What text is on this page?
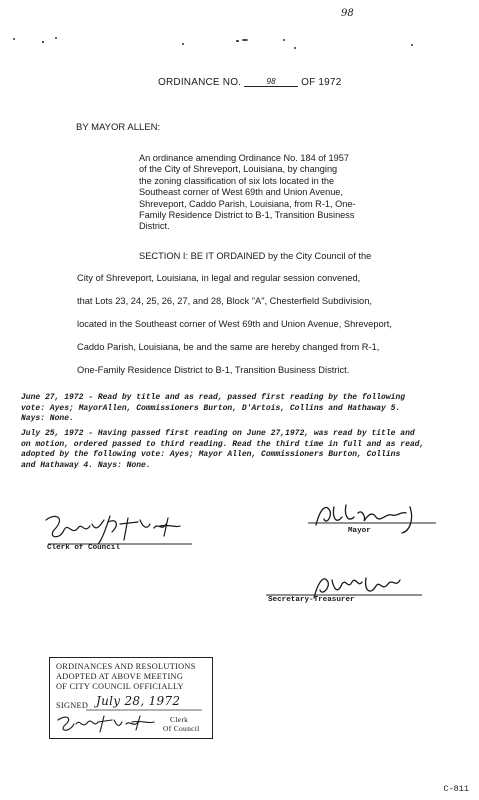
98
ORDINANCE NO.	98	OF 1972
BY MAYOR ALLEN:
An ordinance amending Ordinance No. 184 of 1957
of the City of Shreveport, Louisiana, by changing
the zoning classification of six lots located in the
Southeast corner of West 69th and Union Avenue,
Shreveport, Caddo Parish, Louisiana, from R-1, One-
Family Residence District to B-1, Transition Business
District.
SECTION I: BE IT ORDAINED by the City Council of the
City of Shreveport, Louisiana, in legal and regular session convened,
that Lots 23, 24, 25, 26, 27, and 28, Block "A", Chesterfield Subdivision,
located in the Southeast corner of West 69th and Union Avenue, Shreveport,
Caddo Parish, Louisiana, be and the same are hereby changed from R-1,
One-Family Residence District to B-1, Transition Business District.
June 27, 1972 - Read by title and as read, passed first reading by the following
vote: Ayes; MayorAllen, Commissioners Burton, D'Artois, Collins and Hathaway 5.
Nays: None.
July 25, 1972 - Having passed first reading on June 27,1972, was read by title and
on motion, ordered passed to third reading. Read the third time in full and as read,
adopted by the following vote: Ayes; Mayor Allen, Commissioners Burton, Collins
and Hathaway 4. Nays: None.
Clerk of Council
Mayor
Secretary-Treasurer
ORDINANCES AND RESOLUTIONS
ADOPTED AT ABOVE MEETING
OF CITY COUNCIL OFFICIALLY
SIGNED July 28, 1972
Clerk
Of Council
C-811
